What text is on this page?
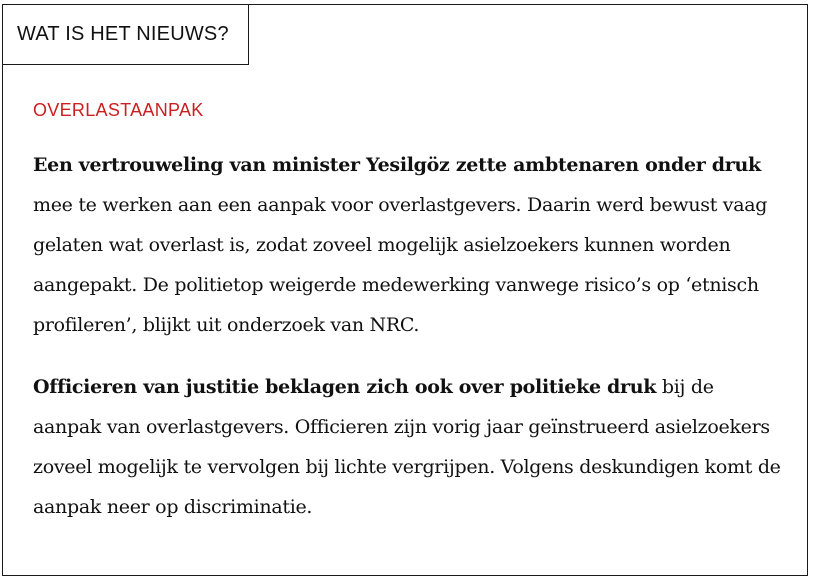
WAT IS HET NIEUWS?
OVERLASTAANPAK

Een vertrouweling van minister Yesilgöz zette ambtenaren onder druk mee te werken aan een aanpak voor overlastgevers. Daarin werd bewust vaag gelaten wat overlast is, zodat zoveel mogelijk asielzoekers kunnen worden aangepakt. De politietop weigerde medewerking vanwege risico’s op ‘etnisch profileren’, blijkt uit onderzoek van NRC.

Officieren van justitie beklagen zich ook over politieke druk bij de aanpak van overlastgevers. Officieren zijn vorig jaar geïnstrueerd asielzoekers zoveel mogelijk te vervolgen bij lichte vergrijpen. Volgens deskundigen komt de aanpak neer op discriminatie.
